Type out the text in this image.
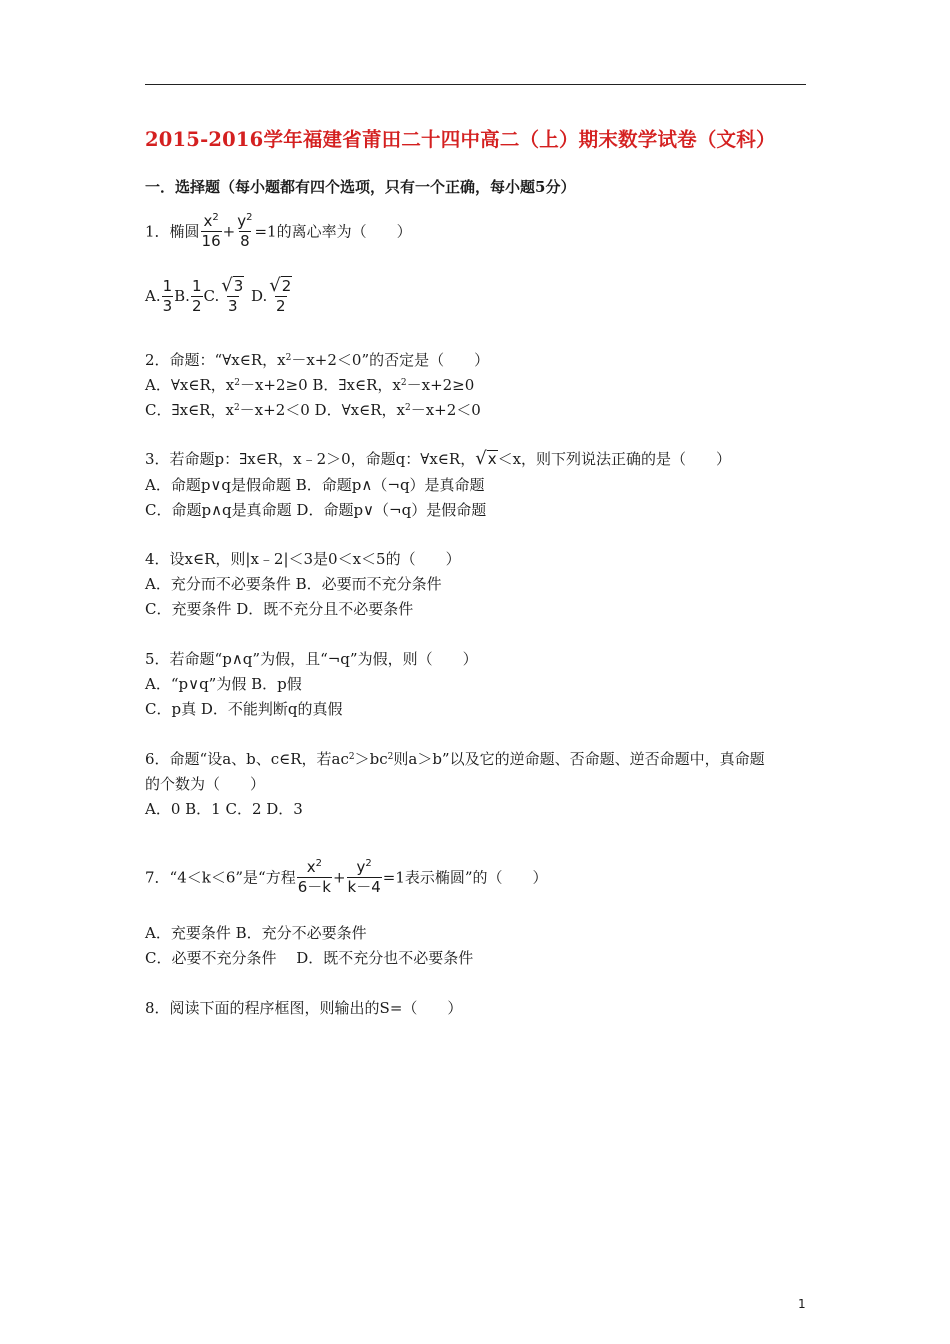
2015-2016学年福建省莆田二十四中高二（上）期末数学试卷（文科）
一．选择题（每小题都有四个选项，只有一个正确，每小题5分）
1．椭圆 $\frac{x^2}{16} + \frac{y^2}{8} =1$的离心率为（　　）
A. $\frac{1}{3} B$. $\frac{1}{2} C$. $\frac{√ 3}{3} D$. $\frac{√ 2}{2}$
2．命题：“∀x∈R，$x^2-x+2<0$”的否定是（　　）
A．∀x∈R，$x^2-x+2\ge 0$ B．∃x∈R，$x^2-x+2\ge 0$
C．∃x∈R，$x^2-x+2<0$ D．∀x∈R，$x^2-x+2<0$
3．若命题p：∃x∈R，x﹣2＞0，命题q：∀x∈R， √ x ＜x，则下列说法正确的是（　　）
A．命题p∨q是假命题 B．命题p∧（¬q）是真命题
C．命题p∧q是真命题 D．命题p∨（¬q）是假命题
4．设x∈R，则|x﹣2|＜3是0＜x＜5的（　　）
A．充分而不必要条件 B．必要而不充分条件
C．充要条件 D．既不充分且不必要条件
5．若命题“p∧q”为假，且“¬q”为假，则（　　）
A．“p∨q”为假 B．p假
C．p真 D．不能判断q的真假
6．命题“设a、b、c∈R，若$ac^2>bc^2$则a＞b”以及它的逆命题、否命题、逆否命题中，真命题
的个数为（　　）
A．0 B．1 C．2 D．3
7．“4＜k＜6”是“方程 $\frac{x^2}{6-k} + \frac{y^2}{k-4} =1$表示椭圆”的（　　）
A．充要条件 B．充分不必要条件
C．必要不充分条件　 D．既不充分也不必要条件
8．阅读下面的程序框图，则输出的S=（　　）
1
